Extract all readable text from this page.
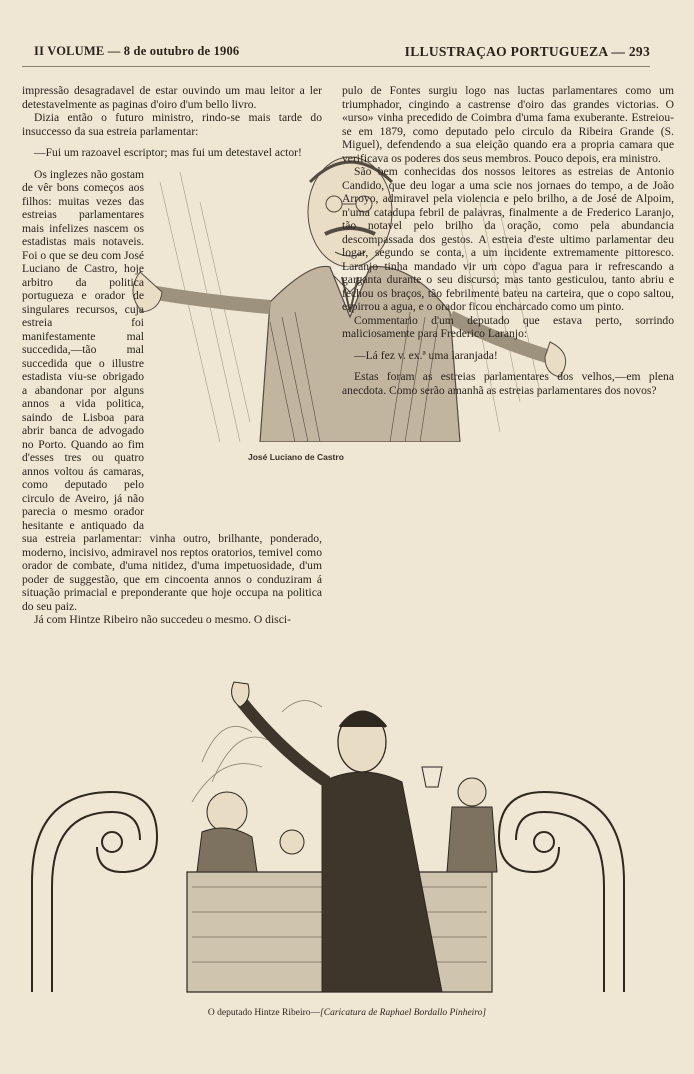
II VOLUME — 8 de outubro de 1906	ILLUSTRAÇAO PORTUGUEZA — 293
José Luciano de Castro

impressão desagradavel de estar ouvindo um mau leitor a ler detestavelmente as paginas d'oiro d'um bello livro.

Dizia então o futuro ministro, rindo-se mais tarde do insuccesso da sua estreia parlamentar:

—Fui um razoavel escriptor; mas fui um detestavel actor!

Os inglezes não gostam de vêr bons começos aos filhos: muitas vezes das estreias parlamentares mais infelizes nascem os estadistas mais notaveis. Foi o que se deu com José Luciano de Castro, hoje arbitro da politica portugueza e orador de singulares recursos, cuja estreia foi manifestamente mal succedida,—tão mal succedida que o illustre estadista viu-se obrigado a abandonar por alguns annos a vida politica, saindo de Lisboa para abrir banca de advogado no Porto. Quando ao fim d'esses tres ou quatro annos voltou ás camaras, como deputado pelo circulo de Aveiro, já não parecia o mesmo orador hesitante e antiquado da sua estreia parlamentar: vinha outro, brilhante, ponderado, moderno, incisivo, admiravel nos reptos oratorios, temivel como orador de combate, d'uma nitidez, d'uma impetuosidade, d'um poder de suggestão, que em cincoenta annos o conduziram á situação primacial e preponderante que hoje occupa na politica do seu paiz.

Já com Hintze Ribeiro não succedeu o mesmo. O disci-

pulo de Fontes surgiu logo nas luctas parlamentares como um triumphador, cingindo a castrense d'oiro das grandes victorias. O «urso» vinha precedido de Coimbra d'uma fama exuberante. Estreiou-se em 1879, como deputado pelo circulo da Ribeira Grande (S. Miguel), defendendo a sua eleição quando era a propria camara que verificava os poderes dos seus membros. Pouco depois, era ministro.

São bem conhecidas dos nossos leitores as estreias de Antonio Candido, que deu logar a uma scie nos jornaes do tempo, a de João Arroyo, admiravel pela violencia e pelo brilho, a de José de Alpoim, n'uma catadupa febril de palavras, finalmente a de Frederico Laranjo, tão notavel pelo brilho da oração, como pela abundancia descompassada dos gestos. A estreia d'este ultimo parlamentar deu logar, segundo se conta, a um incidente extremamente pittoresco. Laranjo tinha mandado vir um copo d'agua para ir refrescando a garganta durante o seu discurso; mas tanto gesticulou, tanto abriu e fechou os braços, tão febrilmente bateu na carteira, que o copo saltou, espirrou a agua, e o orador ficou encharcado como um pinto.

Commentario d'um deputado que estava perto, sorrindo maliciosamente para Frederico Laranjo:

—Lá fez v. ex.ª uma laranjada!

Estas foram as estreias parlamentares dos velhos,—em plena anecdota. Como serão amanhã as estreias parlamentares dos novos?

O deputado Hintze Ribeiro—[Caricatura de Raphael Bordallo Pinheiro]
